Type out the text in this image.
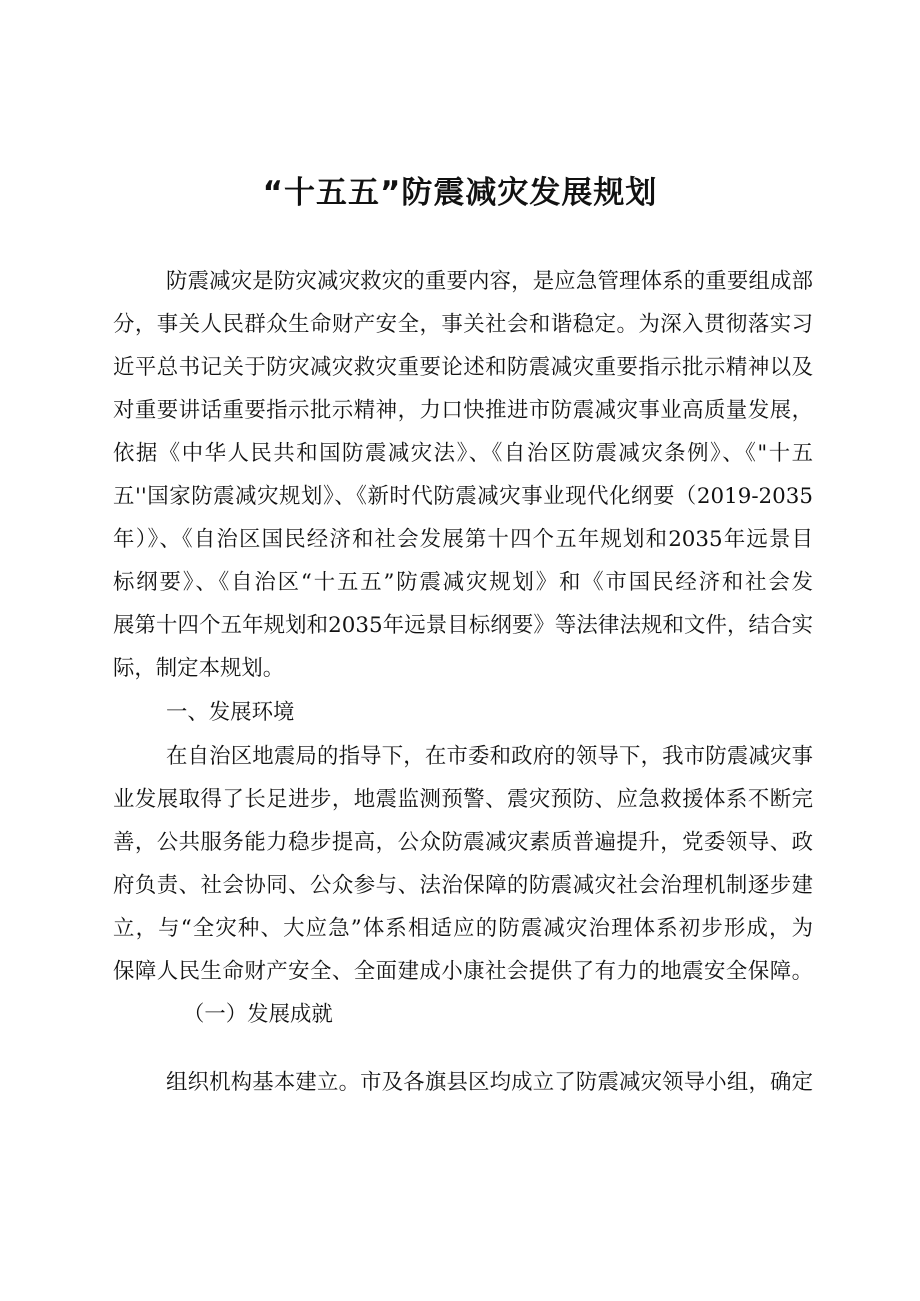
“十五五”防震减灾发展规划
防震减灾是防灾减灾救灾的重要内容，是应急管理体系的重要组成部
分，事关人民群众生命财产安全，事关社会和谐稳定。为深入贯彻落实习
近平总书记关于防灾减灾救灾重要论述和防震减灾重要指示批示精神以及
对重要讲话重要指示批示精神，力口快推进市防震减灾事业高质量发展，
依据《中华人民共和国防震减灾法》、《自治区防震减灾条例》、《"十五
五''国家防震减灾规划》、《新时代防震减灾事业现代化纲要（2019-2035
年）》、《自治区国民经济和社会发展第十四个五年规划和2035年远景目
标纲要》、《自治区“十五五”防震减灾规划》和《市国民经济和社会发
展第十四个五年规划和2035年远景目标纲要》等法律法规和文件，结合实
际，制定本规划。
一、发展环境
在自治区地震局的指导下，在市委和政府的领导下，我市防震减灾事
业发展取得了长足进步，地震监测预警、震灾预防、应急救援体系不断完
善，公共服务能力稳步提高，公众防震减灾素质普遍提升，党委领导、政
府负责、社会协同、公众参与、法治保障的防震减灾社会治理机制逐步建
立，与“全灾种、大应急”体系相适应的防震减灾治理体系初步形成，为
保障人民生命财产安全、全面建成小康社会提供了有力的地震安全保障。
（一）发展成就
组织机构基本建立。市及各旗县区均成立了防震减灾领导小组，确定
